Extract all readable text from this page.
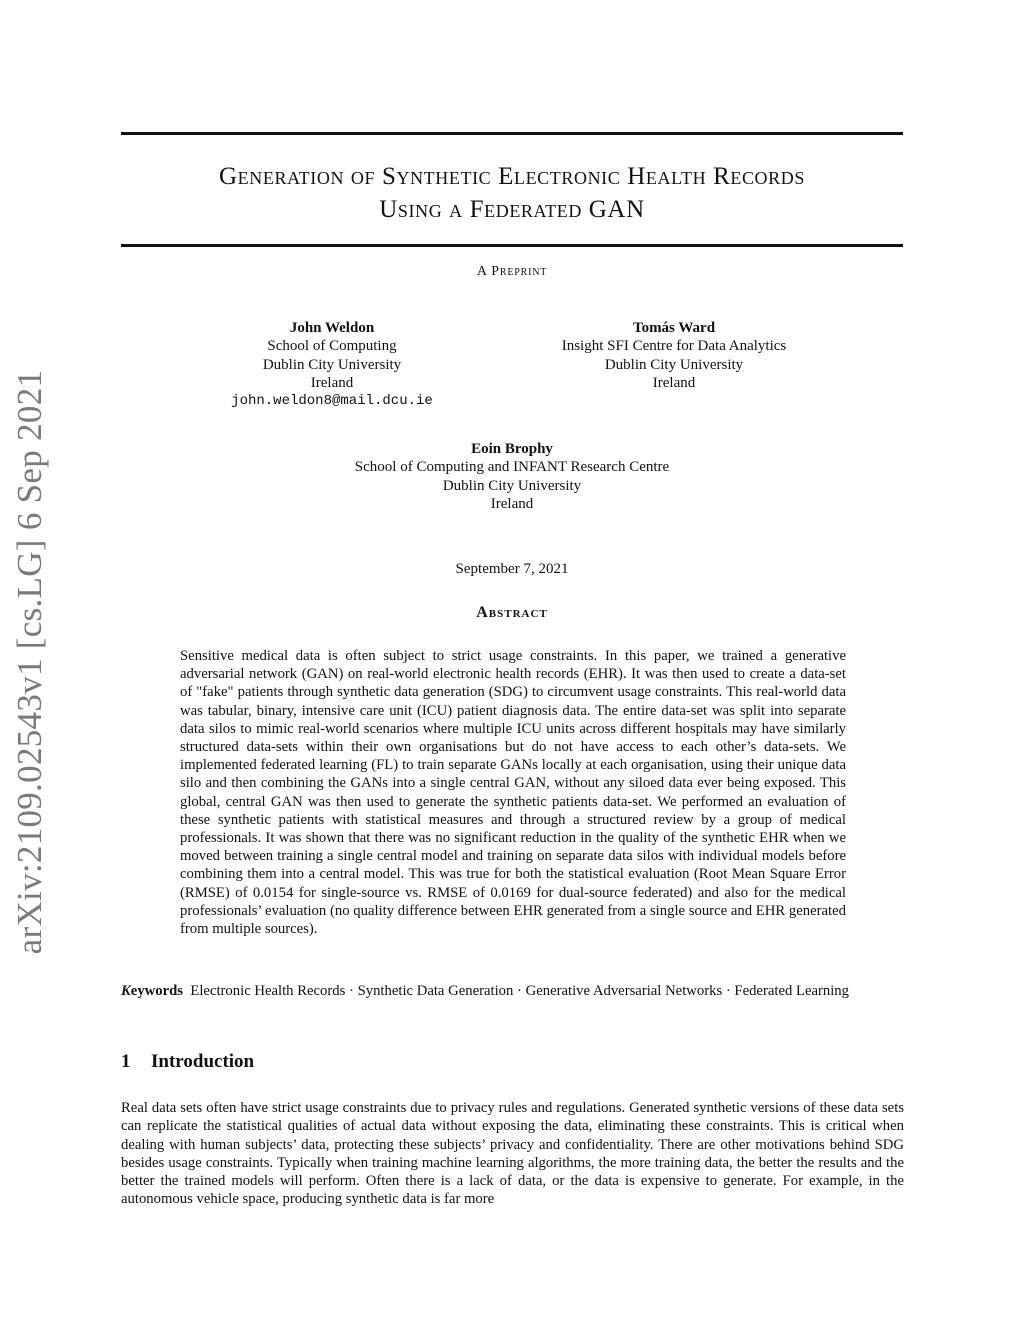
arXiv:2109.02543v1 [cs.LG] 6 Sep 2021
Generation of Synthetic Electronic Health Records
Using a Federated GAN
A Preprint
John Weldon
School of Computing
Dublin City University
Ireland
john.weldon8@mail.dcu.ie
Tomás Ward
Insight SFI Centre for Data Analytics
Dublin City University
Ireland
Eoin Brophy
School of Computing and INFANT Research Centre
Dublin City University
Ireland
September 7, 2021
Abstract

Sensitive medical data is often subject to strict usage constraints. In this paper, we trained a generative adversarial network (GAN) on real-world electronic health records (EHR). It was then used to create a data-set of "fake" patients through synthetic data generation (SDG) to circumvent usage constraints. This real-world data was tabular, binary, intensive care unit (ICU) patient diagnosis data. The entire data-set was split into separate data silos to mimic real-world scenarios where multiple ICU units across different hospitals may have similarly structured data-sets within their own organisations but do not have access to each other’s data-sets. We implemented federated learning (FL) to train separate GANs locally at each organisation, using their unique data silo and then combining the GANs into a single central GAN, without any siloed data ever being exposed. This global, central GAN was then used to generate the synthetic patients data-set. We performed an evaluation of these synthetic patients with statistical measures and through a structured review by a group of medical professionals. It was shown that there was no significant reduction in the quality of the synthetic EHR when we moved between training a single central model and training on separate data silos with individual models before combining them into a central model. This was true for both the statistical evaluation (Root Mean Square Error (RMSE) of 0.0154 for single-source vs. RMSE of 0.0169 for dual-source federated) and also for the medical professionals’ evaluation (no quality difference between EHR generated from a single source and EHR generated from multiple sources).

Keywords Electronic Health Records · Synthetic Data Generation · Generative Adversarial Networks · Federated Learning

1 Introduction

Real data sets often have strict usage constraints due to privacy rules and regulations. Generated synthetic versions of these data sets can replicate the statistical qualities of actual data without exposing the data, eliminating these constraints. This is critical when dealing with human subjects’ data, protecting these subjects’ privacy and confidentiality. There are other motivations behind SDG besides usage constraints. Typically when training machine learning algorithms, the more training data, the better the results and the better the trained models will perform. Often there is a lack of data, or the data is expensive to generate. For example, in the autonomous vehicle space, producing synthetic data is far more
